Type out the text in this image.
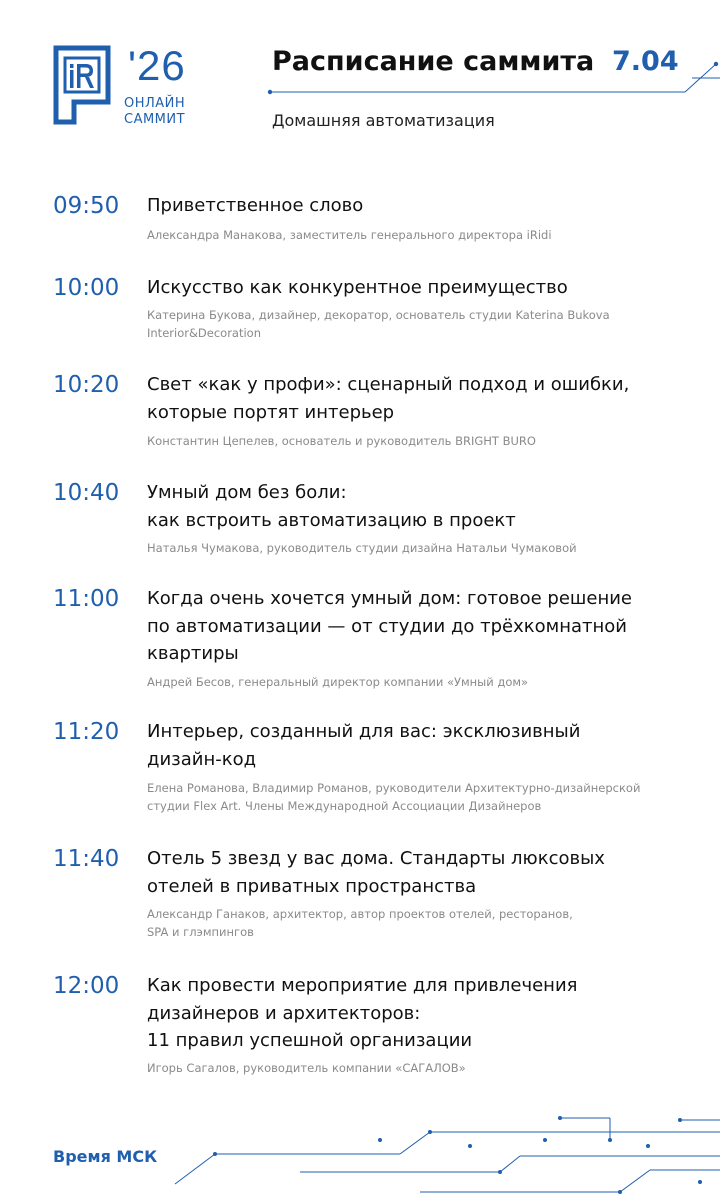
'26
ОНЛАЙН
САММИТ
Расписание саммита 7.04
Домашняя автоматизация
09:50 Приветственное слово
Александра Манакова, заместитель генерального директора iRidi
10:00 Искусство как конкурентное преимущество
Катерина Букова, дизайнер, декоратор, основатель студии Katerina Bukova
Interior&Decoration
10:20 Свет «как у профи»: сценарный подход и ошибки,
которые портят интерьер
Константин Цепелев, основатель и руководитель BRIGHT BURO
10:40 Умный дом без боли:
как встроить автоматизацию в проект
Наталья Чумакова, руководитель студии дизайна Натальи Чумаковой
11:00 Когда очень хочется умный дом: готовое решение
по автоматизации — от студии до трёхкомнатной
квартиры
Андрей Бесов, генеральный директор компании «Умный дом»
11:20 Интерьер, созданный для вас: эксклюзивный
дизайн-код
Елена Романова, Владимир Романов, руководители Архитектурно-дизайнерской
студии Flex Art. Члены Международной Ассоциации Дизайнеров
11:40 Отель 5 звезд у вас дома. Стандарты люксовых
отелей в приватных пространства
Александр Ганаков, архитектор, автор проектов отелей, ресторанов,
SPA и глэмпингов
12:00 Как провести мероприятие для привлечения
дизайнеров и архитекторов:
11 правил успешной организации
Игорь Сагалов, руководитель компании «САГАЛОВ»
Время МСК
